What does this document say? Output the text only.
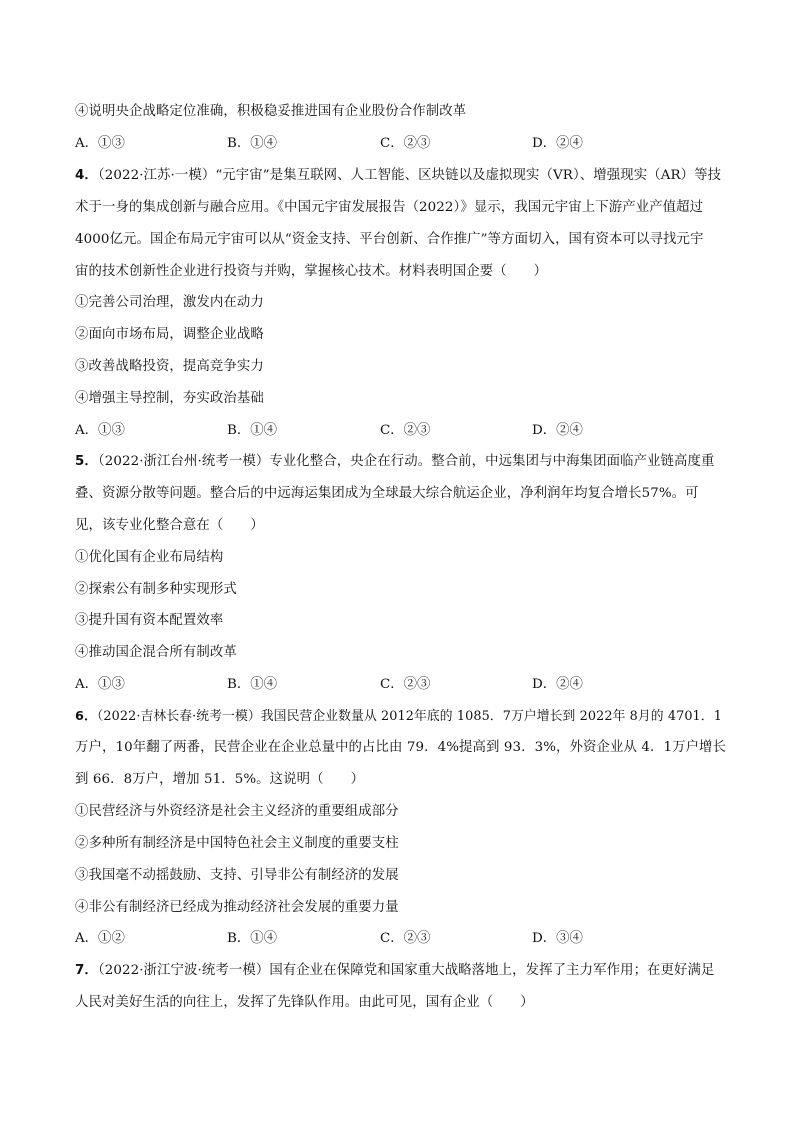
④说明央企战略定位准确，积极稳妥推进国有企业股份合作制改革
A．①③	B．①④	C．②③	D．②④
4．（2022·江苏·一模）“元宇宙”是集互联网、人工智能、区块链以及虚拟现实（VR）、增强现实（AR）等技
术于一身的集成创新与融合应用。《中国元宇宙发展报告（2022）》显示，我国元宇宙上下游产业产值超过
4000亿元。国企布局元宇宙可以从“资金支持、平台创新、合作推广”等方面切入，国有资本可以寻找元宇
宙的技术创新性企业进行投资与并购，掌握核心技术。材料表明国企要（　　）
①完善公司治理，激发内在动力
②面向市场布局，调整企业战略
③改善战略投资，提高竞争实力
④增强主导控制，夯实政治基础
A．①③	B．①④	C．②③	D．②④
5．（2022·浙江台州·统考一模）专业化整合，央企在行动。整合前，中远集团与中海集团面临产业链高度重
叠、资源分散等问题。整合后的中远海运集团成为全球最大综合航运企业，净利润年均复合增长57%。可
见，该专业化整合意在（　　）
①优化国有企业布局结构
②探索公有制多种实现形式
③提升国有资本配置效率
④推动国企混合所有制改革
A．①③	B．①④	C．②③	D．②④
6．（2022·吉林长春·统考一模）我国民营企业数量从 2012年底的 1085．7万户增长到 2022年 8月的 4701．1
万户，10年翻了两番，民营企业在企业总量中的占比由 79．4%提高到 93．3%，外资企业从 4．1万户增长
到 66．8万户，增加 51．5%。这说明（　　）
①民营经济与外资经济是社会主义经济的重要组成部分
②多种所有制经济是中国特色社会主义制度的重要支柱
③我国毫不动摇鼓励、支持、引导非公有制经济的发展
④非公有制经济已经成为推动经济社会发展的重要力量
A．①②	B．①④	C．②③	D．③④
7．（2022·浙江宁波·统考一模）国有企业在保障党和国家重大战略落地上，发挥了主力军作用；在更好满足
人民对美好生活的向往上，发挥了先锋队作用。由此可见，国有企业（　　）
